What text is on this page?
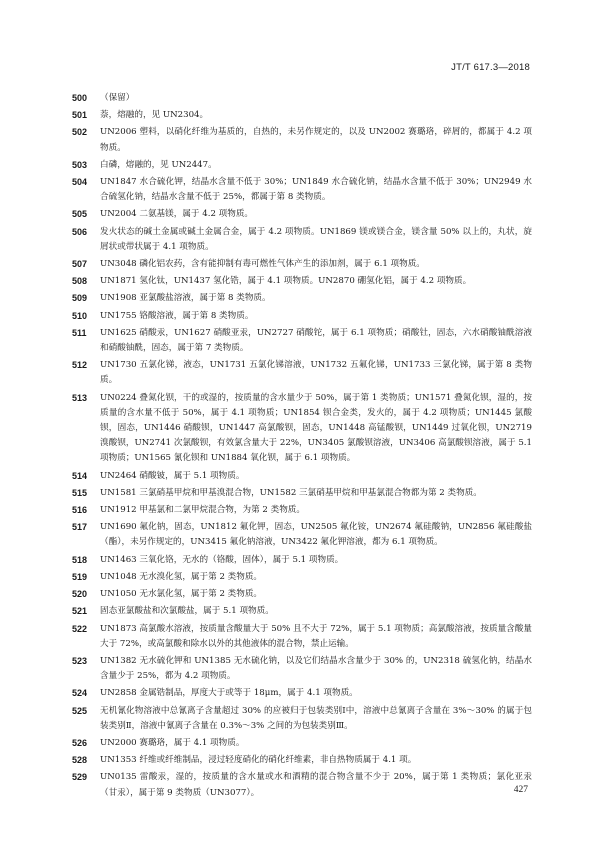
JT/T 617.3—2018
500	（保留）
501	萘，熔融的，见 UN2304。
502	UN2006 塑料，以硝化纤维为基质的，自热的，未另作规定的，以及 UN2002 赛璐珞，碎屑的，都属于 4.2 项物质。
503	白磷，熔融的，见 UN2447。
504	UN1847 水合硫化钾，结晶水含量不低于 30%；UN1849 水合硫化钠，结晶水含量不低于 30%；UN2949 水合硫氢化钠，结晶水含量不低于 25%，都属于第 8 类物质。
505	UN2004 二氨基镁，属于 4.2 项物质。
506	发火状态的碱土金属或碱土金属合金，属于 4.2 项物质。UN1869 镁或镁合金，镁含量 50% 以上的，丸状，旋屑状或带状属于 4.1 项物质。
507	UN3048 磷化铝农药，含有能抑制有毒可燃性气体产生的添加剂，属于 6.1 项物质。
508	UN1871 氢化钛，UN1437 氢化锆，属于 4.1 项物质。UN2870 硼氢化铝，属于 4.2 项物质。
509	UN1908 亚氯酸盐溶液，属于第 8 类物质。
510	UN1755 铬酸溶液，属于第 8 类物质。
511	UN1625 硝酸汞，UN1627 硝酸亚汞，UN2727 硝酸铊，属于 6.1 项物质；硝酸钍，固态，六水硝酸铀酰溶液和硝酸铀酰，固态，属于第 7 类物质。
512	UN1730 五氯化锑，液态，UN1731 五氯化锑溶液，UN1732 五氟化锑，UN1733 三氯化锑，属于第 8 类物质。
513	UN0224 叠氮化钡，干的或湿的，按质量的含水量少于 50%，属于第 1 类物质；UN1571 叠氮化钡，湿的，按质量的含水量不低于 50%，属于 4.1 项物质；UN1854 钡合金类，发火的，属于 4.2 项物质；UN1445 氯酸钡，固态，UN1446 硝酸钡，UN1447 高氯酸钡，固态，UN1448 高锰酸钡，UN1449 过氧化钡，UN2719 溴酸钡，UN2741 次氯酸钡，有效氯含量大于 22%，UN3405 氯酸钡溶液，UN3406 高氯酸钡溶液，属于 5.1 项物质；UN1565 氰化钡和 UN1884 氧化钡，属于 6.1 项物质。
514	UN2464 硝酸铍，属于 5.1 项物质。
515	UN1581 三氯硝基甲烷和甲基溴混合物，UN1582 三氯硝基甲烷和甲基氯混合物都为第 2 类物质。
516	UN1912 甲基氯和二氯甲烷混合物，为第 2 类物质。
517	UN1690 氟化钠，固态，UN1812 氟化钾，固态，UN2505 氟化铵，UN2674 氟硅酸钠，UN2856 氟硅酸盐（酯），未另作规定的，UN3415 氟化钠溶液，UN3422 氟化钾溶液，都为 6.1 项物质。
518	UN1463 三氧化铬，无水的（铬酸，固体），属于 5.1 项物质。
519	UN1048 无水溴化氢，属于第 2 类物质。
520	UN1050 无水氯化氢，属于第 2 类物质。
521	固态亚氯酸盐和次氯酸盐，属于 5.1 项物质。
522	UN1873 高氯酸水溶液，按质量含酸量大于 50% 且不大于 72%，属于 5.1 项物质；高氯酸溶液，按质量含酸量大于 72%，或高氯酸和除水以外的其他液体的混合物，禁止运输。
523	UN1382 无水硫化钾和 UN1385 无水硫化钠，以及它们结晶水含量少于 30% 的，UN2318 硫氢化钠，结晶水含量少于 25%，都为 4.2 项物质。
524	UN2858 金属锆制品，厚度大于或等于 18μm，属于 4.1 项物质。
525	无机氰化物溶液中总氰离子含量超过 30% 的应被归于包装类别Ⅰ中，溶液中总氰离子含量在 3%～30% 的属于包装类别Ⅱ，溶液中氰离子含量在 0.3%～3% 之间的为包装类别Ⅲ。
526	UN2000 赛璐珞，属于 4.1 项物质。
528	UN1353 纤维或纤维制品，浸过轻度硝化的硝化纤维素，非自热物质属于 4.1 项。
529	UN0135 雷酸汞，湿的，按质量的含水量或水和酒精的混合物含量不少于 20%，属于第 1 类物质；氯化亚汞（甘汞），属于第 9 类物质（UN3077）。	427
